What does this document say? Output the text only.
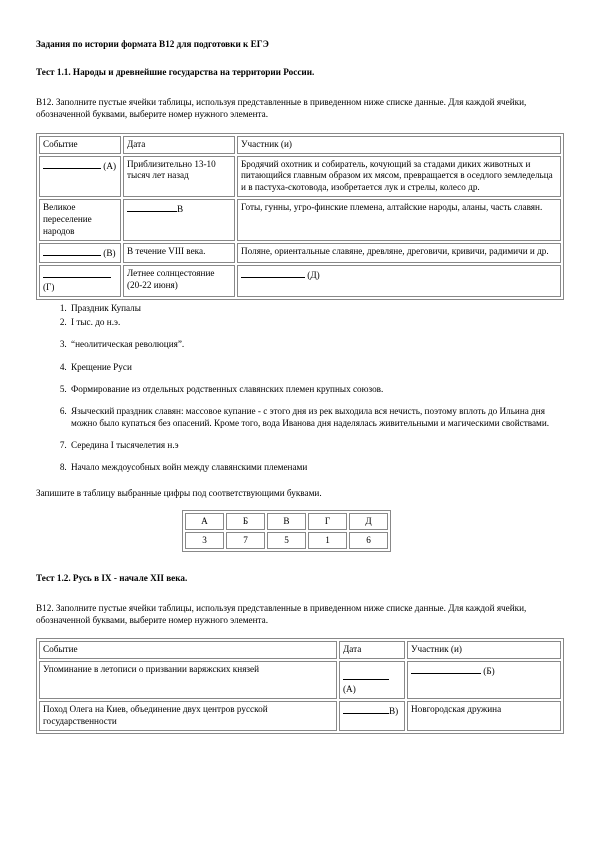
Задания по истории формата В12 для подготовки к ЕГЭ

Тест 1.1. Народы и древнейшие государства на территории России.

В12. Заполните пустые ячейки таблицы, используя представленные в приведенном ниже списке данные. Для каждой ячейки, обозначенной буквами, выберите номер нужного элемента.

Событие	Дата	Участник (и)
(А)	Приблизительно 13-10 тысяч лет назад	Бродячий охотник и собиратель, кочующий за стадами диких животных и питающийся главным образом их мясом, превращается в оседлого земледельца и в пастуха-скотовода, изобретается лук и стрелы, колесо др.
Великое переселение народов	В	Готы, гунны, угро-финские племена, алтайские народы, аланы, часть славян.
(В)	В течение VIII века.	Поляне, ориентальные славяне, древляне, дреговичи, кривичи, радимичи и др.
(Г)	Летнее солнцестояние (20-22 июня)	(Д)
1. Праздник Купалы
2. I тыс. до н.э.
3. “неолитическая революция”.
4. Крещение Руси
5. Формирование из отдельных родственных славянских племен крупных союзов.
6. Языческий праздник славян: массовое купание - с этого дня из рек выходила вся нечисть, поэтому вплоть до Ильина дня можно было купаться без опасений. Кроме того, вода Иванова дня наделялась живительными и магическими свойствами.
7. Середина I тысячелетия н.э
8. Начало междоусобных войн между славянскими племенами

Запишите в таблицу выбранные цифры под соответствующими буквами.

А	Б	В	Г	Д
3	7	5	1	6

Тест 1.2. Русь в IX - начале XII века.

В12. Заполните пустые ячейки таблицы, используя представленные в приведенном ниже списке данные. Для каждой ячейки, обозначенной буквами, выберите номер нужного элемента.

Событие	Дата	Участник (и)
Упоминание в летописи о призвании варяжских князей	(А)	(Б)
Поход Олега на Киев, объединение двух центров русской государственности	В)	Новгородская дружина
